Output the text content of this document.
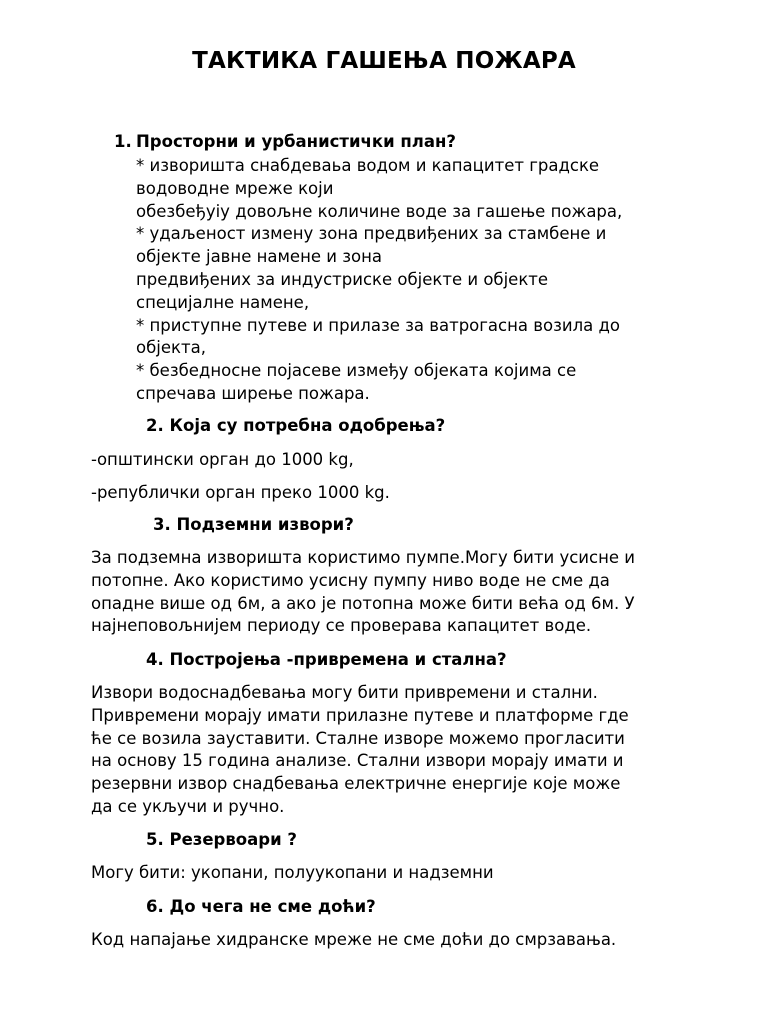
ТАКТИКА ГАШЕЊА ПОЖАРА
1. Просторни и урбанистички план?
* изворишта снабдеваьа водом и капацитет градске
водоводне мреже који
обезбеђуіу довољне количине воде за гашење пожара,
* удаљеност измену зона предвиђених за стамбене и
објекте јавне намене и зона
предвиђених за индустриске објекте и објекте
специјалне намене,
* приступне путеве и прилазе за ватрогасна возила до
објекта,
* безбедносне појасеве између објеката којима се
спречава ширење пожара.
2. Која су потребна одобрења?
-општински орган до 1000 kg,
-републички орган преко 1000 kg.
3. Подземни извори?
За подземна изворишта користимо пумпе.Могу бити усисне и
потопне. Ако користимо усисну пумпу ниво воде не сме да
опадне више од 6м, а ако је потопна може бити већа од 6м. У
најнеповољнијем периоду се проверава капацитет воде.
4. Постројења -привремена и стална?
Извори водоснадбевања могу бити привремени и стални.
Привремени морају имати прилазне путеве и платформе где
ће се возила зауставити. Сталне изворе можемо прогласити
на основу 15 година анализе. Стални извори морају имати и
резервни извор снадбевања електричне енергије које може
да се укључи и ручно.
5. Резервоари ?
Могу бити: укопани, полуукопани и надземни
6. До чега не сме доћи?
Код напајање хидранске мреже не сме доћи до смрзавања.
